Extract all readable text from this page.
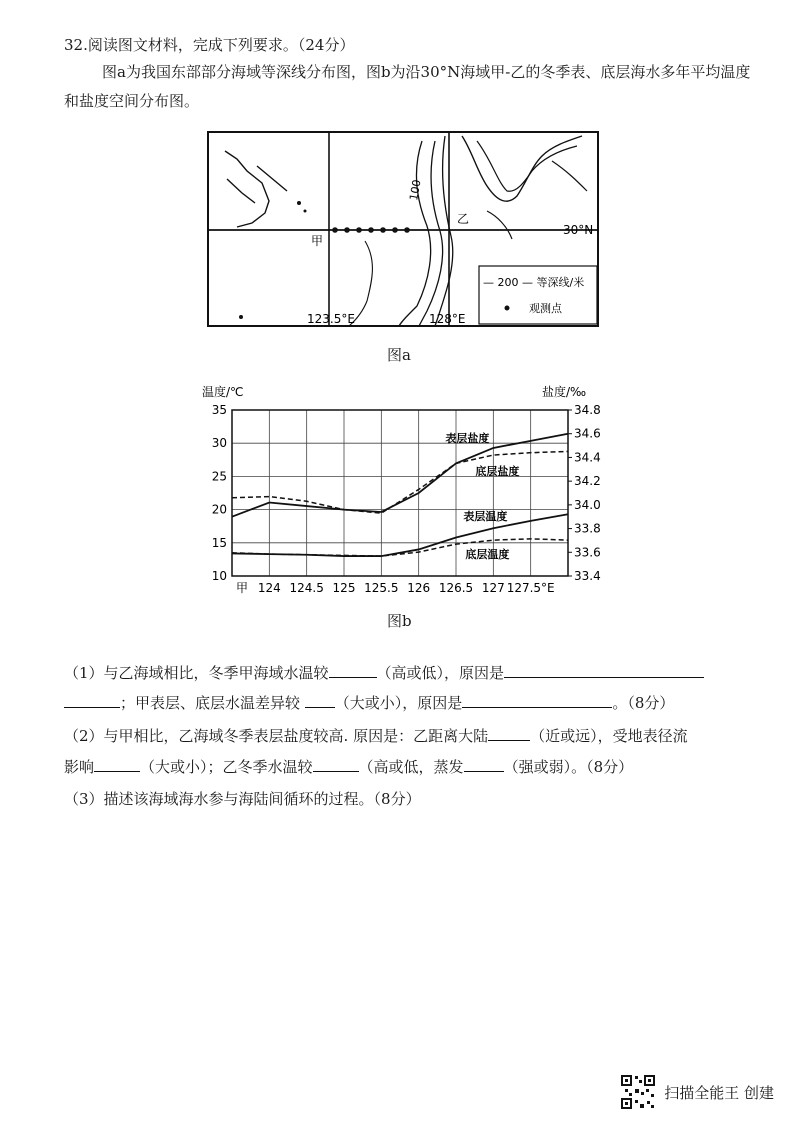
32.阅读图文材料，完成下列要求。（24分）
图a为我国东部部分海域等深线分布图，图b为沿30°N海域甲-乙的冬季表、底层海水多年平均温度和盐度空间分布图。
甲
乙
30°N
100
123.5°E	128°E
— 200 — 等深线/米
观测点
图a
温度/℃	盐度/‰
35
30
25
20
15
10
34.8
34.6
34.4
34.2
34.0
33.8
33.6
33.4
甲 124 124.5 125 125.5 126 126.5 127 127.5°E
表层盐度
底层盐度
表层温度
底层温度
图b
（1）与乙海域相比，冬季甲海域水温较	（高或低），原因是
；甲表层、底层水温差异较 （大或小），原因是	。（8分）
（2）与甲相比，乙海域冬季表层盐度较高. 原因是：乙距离大陆	（近或远），受地表径流
影响	（大或小）；乙冬季水温较	（高或低，蒸发	（强或弱）。（8分）
（3）描述该海域海水参与海陆间循环的过程。（8分）
扫描全能王 创建
